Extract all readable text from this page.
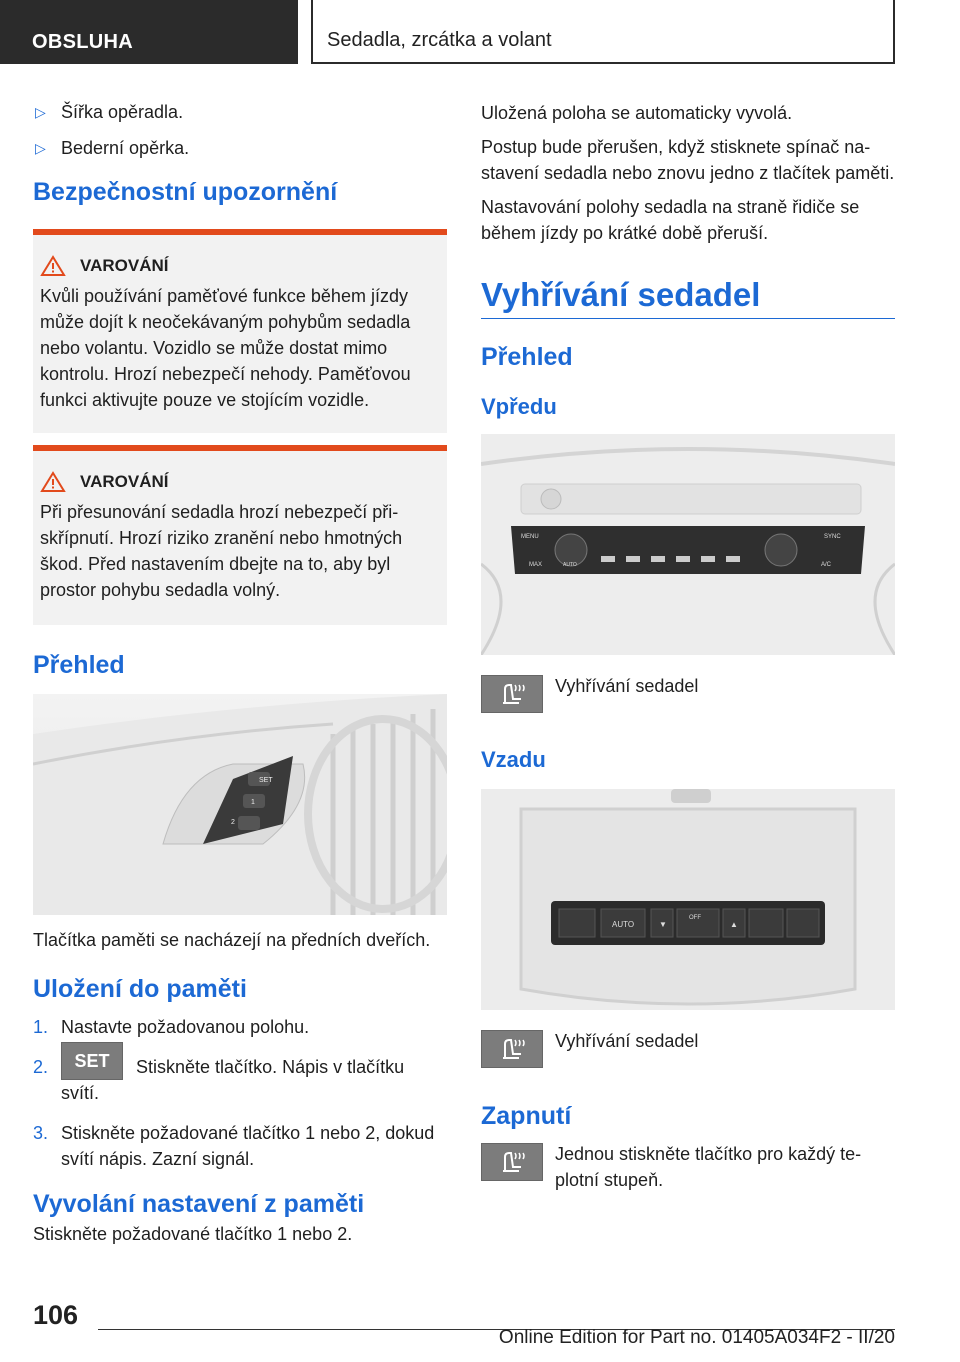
OBSLUHA	Sedadla, zrcátka a volant
▷ Šířka opěradla.
▷ Bederní opěrka.
Bezpečnostní upozornění
VAROVÁNÍ

Kvůli používání paměťové funkce během jízdy může dojít k neočekávaným pohybům sedadla nebo volantu. Vozidlo se může dostat mimo kontrolu. Hrozí nebezpečí nehody. Paměťovou funkci aktivujte pouze ve stojícím vozidle.

VAROVÁNÍ

Při přesunování sedadla hrozí nebezpečí přiskřípnutí. Hrozí riziko zranění nebo hmotných škod. Před nastavením dbejte na to, aby byl prostor pohybu sedadla volný.

Přehled
SET
1
2
Tlačítka paměti se nacházejí na předních dveřích.
Uložení do paměti
1. Nastavte požadovanou polohu.
2. SET Stiskněte tlačítko. Nápis v tlačítku svítí.
3. Stiskněte požadované tlačítko 1 nebo 2, dokud svítí nápis. Zazní signál.
Vyvolání nastavení z paměti

Stiskněte požadované tlačítko 1 nebo 2.

Uložená poloha se automaticky vyvolá.

Postup bude přerušen, když stisknete spínač nastavení sedadla nebo znovu jedno z tlačítek paměti.

Nastavování polohy sedadla na straně řidiče se během jízdy po krátké době přeruší.

Vyhřívání sedadel
Přehled
Vpředu
MENU
MAX	AUTO
SYNC
A/C
Vyhřívání sedadel
Vzadu
AUTO	▼
OFF
▲
Vyhřívání sedadel
Zapnutí
Jednou stiskněte tlačítko pro každý teplotní stupeň.
106
Online Edition for Part no. 01405A034F2 - II/20
